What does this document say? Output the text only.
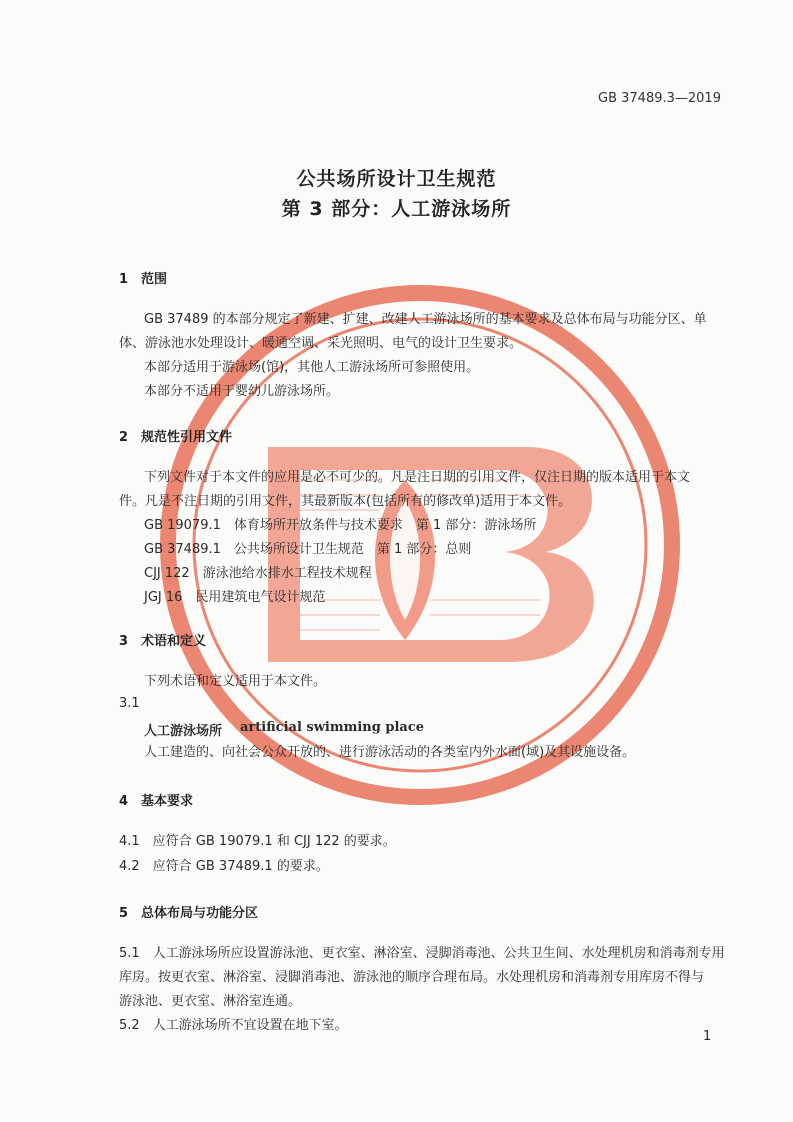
GB 37489.3—2019
公共场所设计卫生规范
第 3 部分：人工游泳场所
1　范围
GB 37489 的本部分规定了新建、扩建、改建人工游泳场所的基本要求及总体布局与功能分区、单
体、游泳池水处理设计、暖通空调、采光照明、电气的设计卫生要求。
本部分适用于游泳场(馆)，其他人工游泳场所可参照使用。
本部分不适用于婴幼儿游泳场所。
2　规范性引用文件
下列文件对于本文件的应用是必不可少的。凡是注日期的引用文件，仅注日期的版本适用于本文
件。凡是不注日期的引用文件，其最新版本(包括所有的修改单)适用于本文件。
GB 19079.1　体育场所开放条件与技术要求　第 1 部分：游泳场所
GB 37489.1　公共场所设计卫生规范　第 1 部分：总则
CJJ 122　游泳池给水排水工程技术规程
JGJ 16　民用建筑电气设计规范
3　术语和定义
下列术语和定义适用于本文件。
3.1
人工游泳场所 artificial swimming place
人工建造的、向社会公众开放的、进行游泳活动的各类室内外水面(域)及其设施设备。
4　基本要求
4.1　应符合 GB 19079.1 和 CJJ 122 的要求。
4.2　应符合 GB 37489.1 的要求。
5　总体布局与功能分区
5.1　人工游泳场所应设置游泳池、更衣室、淋浴室、浸脚消毒池、公共卫生间、水处理机房和消毒剂专用
库房。按更衣室、淋浴室、浸脚消毒池、游泳池的顺序合理布局。水处理机房和消毒剂专用库房不得与
游泳池、更衣室、淋浴室连通。
5.2　人工游泳场所不宜设置在地下室。
1
